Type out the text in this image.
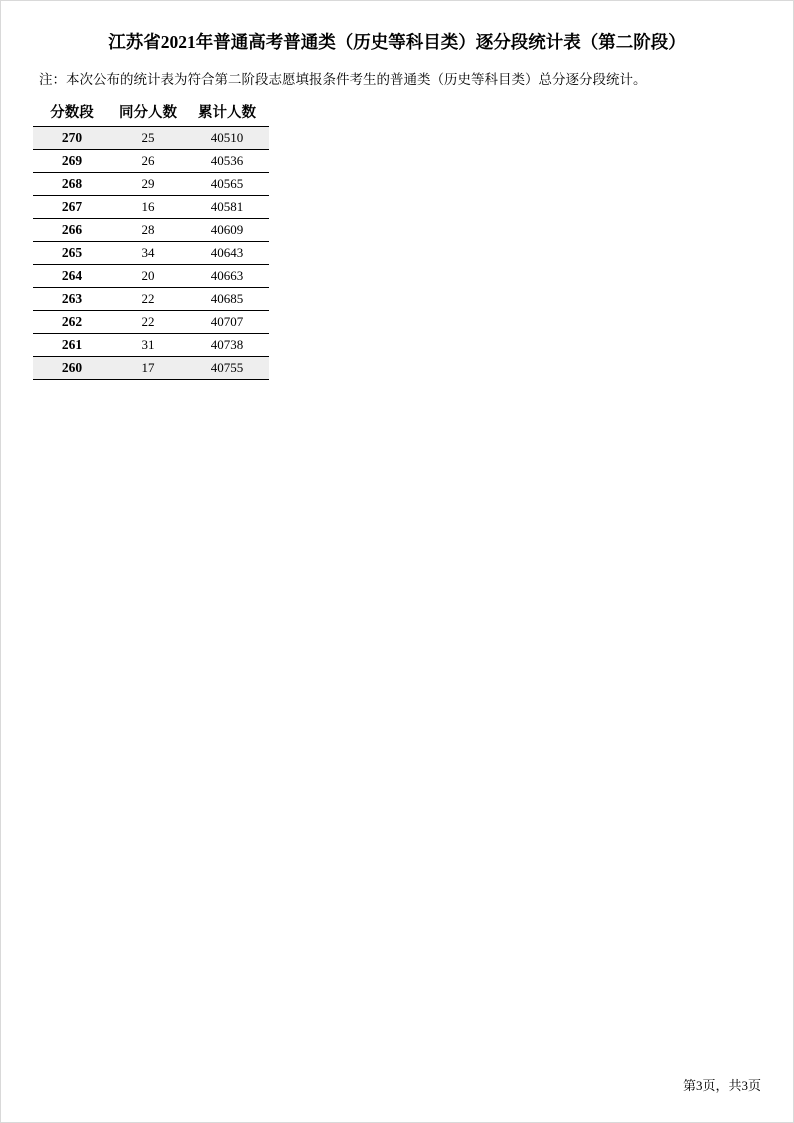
江苏省2021年普通高考普通类（历史等科目类）逐分段统计表（第二阶段）

注：本次公布的统计表为符合第二阶段志愿填报条件考生的普通类（历史等科目类）总分逐分段统计。

分数段	同分人数	累计人数
270	25	40510
269	26	40536
268	29	40565
267	16	40581
266	28	40609
265	34	40643
264	20	40663
263	22	40685
262	22	40707
261	31	40738
260	17	40755
第3页，共3页
